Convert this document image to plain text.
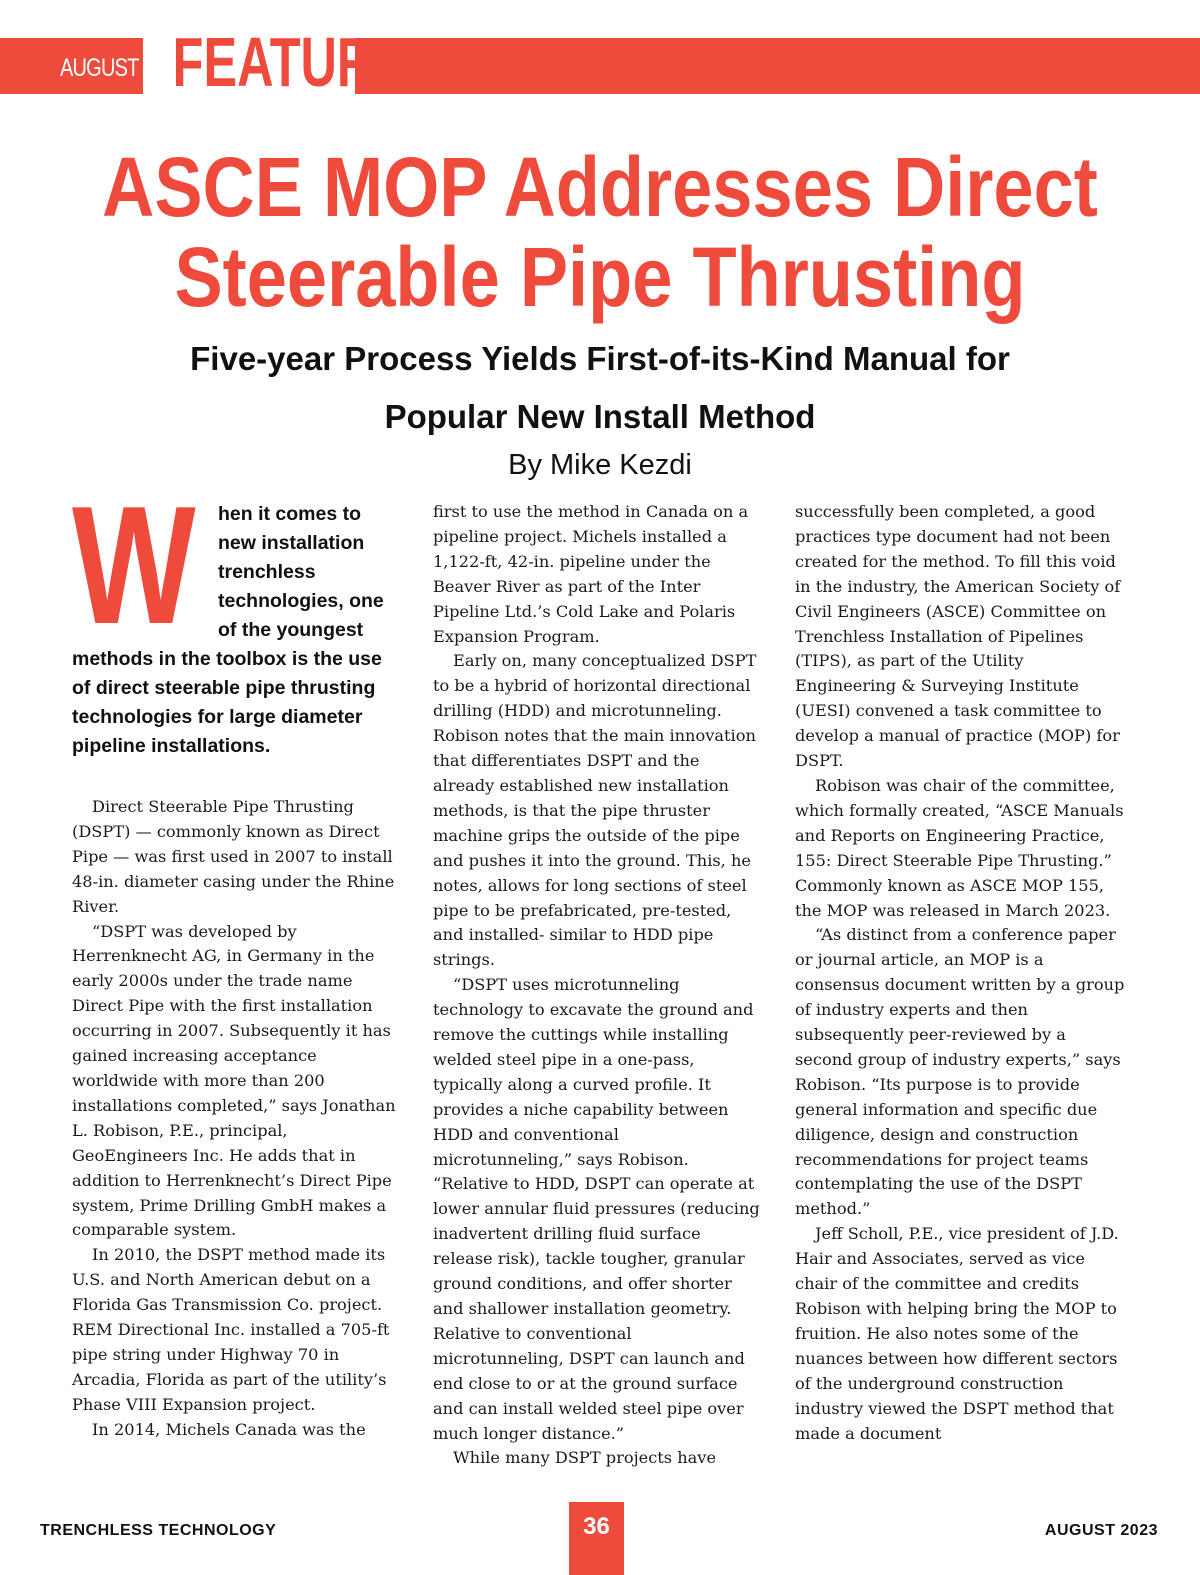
AUGUST FEATURE
ASCE MOP Addresses Direct
Steerable Pipe Thrusting
Five-year Process Yields First-of-its-Kind Manual for
Popular New Install Method
By Mike Kezdi
W hen it comes to new installation trenchless technologies, one of the youngest methods in the toolbox is the use of direct steerable pipe thrusting technologies for large diameter pipeline installations.

Direct Steerable Pipe Thrusting (DSPT) — commonly known as Direct Pipe — was first used in 2007 to install 48-in. diameter casing under the Rhine River.

“DSPT was developed by Herrenknecht AG, in Germany in the early 2000s under the trade name Direct Pipe with the first installation occurring in 2007. Subsequently it has gained increasing acceptance worldwide with more than 200 installations completed,” says Jonathan L. Robison, P.E., principal, GeoEngineers Inc. He adds that in addition to Herrenknecht’s Direct Pipe system, Prime Drilling GmbH makes a comparable system.

In 2010, the DSPT method made its U.S. and North American debut on a Florida Gas Transmission Co. project. REM Directional Inc. installed a 705-ft pipe string under Highway 70 in Arcadia, Florida as part of the utility’s Phase VIII Expansion project.

In 2014, Michels Canada was the

first to use the method in Canada on a pipeline project. Michels installed a 1,122-ft, 42-in. pipeline under the Beaver River as part of the Inter Pipeline Ltd.’s Cold Lake and Polaris Expansion Program.

Early on, many conceptualized DSPT to be a hybrid of horizontal directional drilling (HDD) and microtunneling. Robison notes that the main innovation that differentiates DSPT and the already established new installation methods, is that the pipe thruster machine grips the outside of the pipe and pushes it into the ground. This, he notes, allows for long sections of steel pipe to be prefabricated, pre-tested, and installed- similar to HDD pipe strings.

“DSPT uses microtunneling technology to excavate the ground and remove the cuttings while installing welded steel pipe in a one-pass, typically along a curved profile. It provides a niche capability between HDD and conventional microtunneling,” says Robison. “Relative to HDD, DSPT can operate at lower annular fluid pressures (reducing inadvertent drilling fluid surface release risk), tackle tougher, granular ground conditions, and offer shorter and shallower installation geometry. Relative to conventional microtunneling, DSPT can launch and end close to or at the ground surface and can install welded steel pipe over much longer distance.”

While many DSPT projects have

successfully been completed, a good practices type document had not been created for the method. To fill this void in the industry, the American Society of Civil Engineers (ASCE) Committee on Trenchless Installation of Pipelines (TIPS), as part of the Utility Engineering & Surveying Institute (UESI) convened a task committee to develop a manual of practice (MOP) for DSPT.

Robison was chair of the committee, which formally created, “ASCE Manuals and Reports on Engineering Practice, 155: Direct Steerable Pipe Thrusting.” Commonly known as ASCE MOP 155, the MOP was released in March 2023.

“As distinct from a conference paper or journal article, an MOP is a consensus document written by a group of industry experts and then subsequently peer-reviewed by a second group of industry experts,” says Robison. “Its purpose is to provide general information and specific due diligence, design and construction recommendations for project teams contemplating the use of the DSPT method.”

Jeff Scholl, P.E., vice president of J.D. Hair and Associates, served as vice chair of the committee and credits Robison with helping bring the MOP to fruition. He also notes some of the nuances between how different sectors of the underground construction industry viewed the DSPT method that made a document

TRENCHLESS TECHNOLOGY	36	AUGUST 2023
